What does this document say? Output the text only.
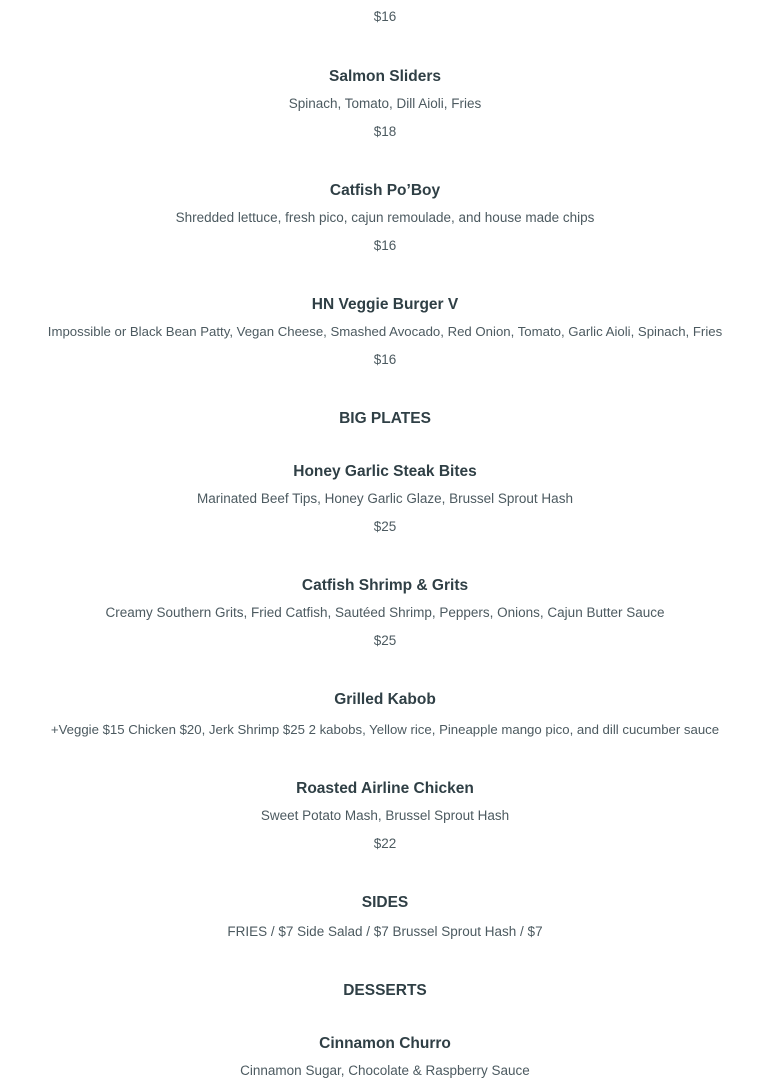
$16
Salmon Sliders
Spinach, Tomato, Dill Aioli, Fries
$18
Catfish Po’Boy
Shredded lettuce, fresh pico, cajun remoulade, and house made chips
$16
HN Veggie Burger V
Impossible or Black Bean Patty, Vegan Cheese, Smashed Avocado, Red Onion, Tomato, Garlic Aioli, Spinach, Fries
$16
BIG PLATES
Honey Garlic Steak Bites
Marinated Beef Tips, Honey Garlic Glaze, Brussel Sprout Hash
$25
Catfish Shrimp & Grits
Creamy Southern Grits, Fried Catfish, Sautéed Shrimp, Peppers, Onions, Cajun Butter Sauce
$25
Grilled Kabob
+Veggie $15 Chicken $20, Jerk Shrimp $25 2 kabobs, Yellow rice, Pineapple mango pico, and dill cucumber sauce
Roasted Airline Chicken
Sweet Potato Mash, Brussel Sprout Hash
$22
SIDES
FRIES / $7 Side Salad / $7 Brussel Sprout Hash / $7
DESSERTS
Cinnamon Churro
Cinnamon Sugar, Chocolate & Raspberry Sauce
